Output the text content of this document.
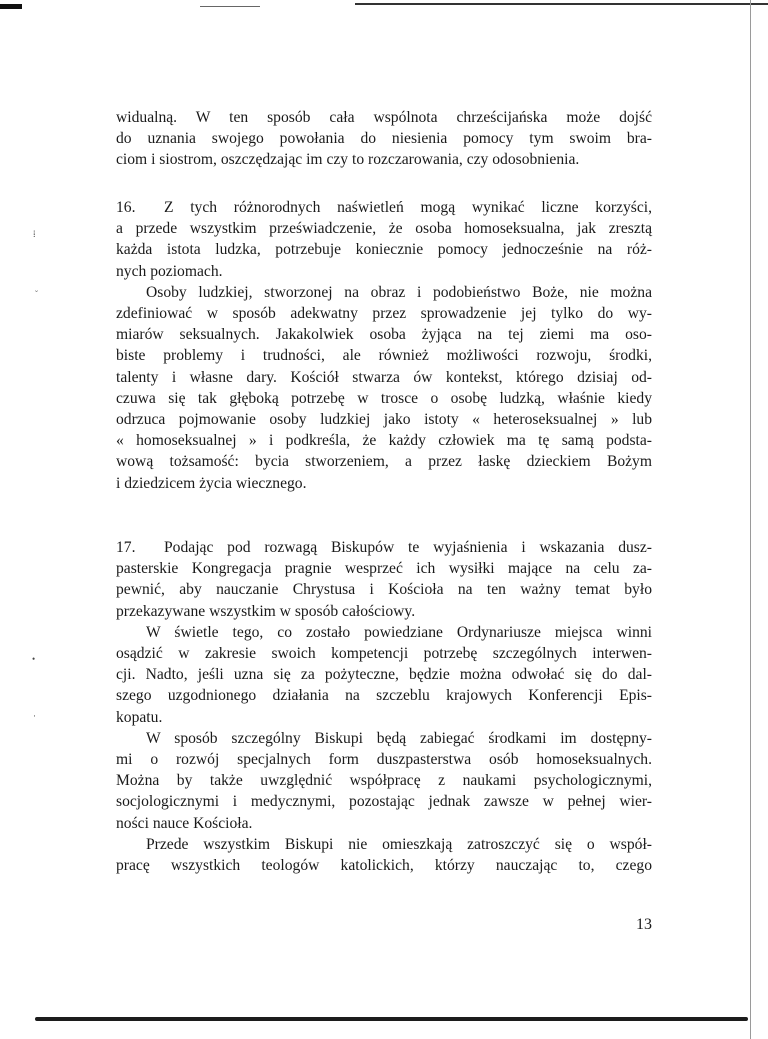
⁞
˘
•
·
widualną. W ten sposób cała wspólnota chrześcijańska może dojść
do uznania swojego powołania do niesienia pomocy tym swoim bra-
ciom i siostrom, oszczędzając im czy to rozczarowania, czy odosobnienia.

16. Z tych różnorodnych naświetleń mogą wynikać liczne korzyści,
a przede wszystkim przeświadczenie, że osoba homoseksualna, jak zresztą
każda istota ludzka, potrzebuje koniecznie pomocy jednocześnie na róż-
nych poziomach.

Osoby ludzkiej, stworzonej na obraz i podobieństwo Boże, nie można
zdefiniować w sposób adekwatny przez sprowadzenie jej tylko do wy-
miarów seksualnych. Jakakolwiek osoba żyjąca na tej ziemi ma oso-
biste problemy i trudności, ale również możliwości rozwoju, środki,
talenty i własne dary. Kościół stwarza ów kontekst, którego dzisiaj od-
czuwa się tak głęboką potrzebę w trosce o osobę ludzką, właśnie kiedy
odrzuca pojmowanie osoby ludzkiej jako istoty « heteroseksualnej » lub
« homoseksualnej » i podkreśla, że każdy człowiek ma tę samą podsta-
wową tożsamość: bycia stworzeniem, a przez łaskę dzieckiem Bożym
i dziedzicem życia wiecznego.

17. Podając pod rozwagą Biskupów te wyjaśnienia i wskazania dusz-
pasterskie Kongregacja pragnie wesprzeć ich wysiłki mające na celu za-
pewnić, aby nauczanie Chrystusa i Kościoła na ten ważny temat było
przekazywane wszystkim w sposób całościowy.

W świetle tego, co zostało powiedziane Ordynariusze miejsca winni
osądzić w zakresie swoich kompetencji potrzebę szczególnych interwen-
cji. Nadto, jeśli uzna się za pożyteczne, będzie można odwołać się do dal-
szego uzgodnionego działania na szczeblu krajowych Konferencji Epis-
kopatu.

W sposób szczególny Biskupi będą zabiegać środkami im dostępny-
mi o rozwój specjalnych form duszpasterstwa osób homoseksualnych.
Można by także uwzględnić współpracę z naukami psychologicznymi,
socjologicznymi i medycznymi, pozostając jednak zawsze w pełnej wier-
ności nauce Kościoła.

Przede wszystkim Biskupi nie omieszkają zatroszczyć się o współ-
pracę wszystkich teologów katolickich, którzy nauczając to, czego

13
